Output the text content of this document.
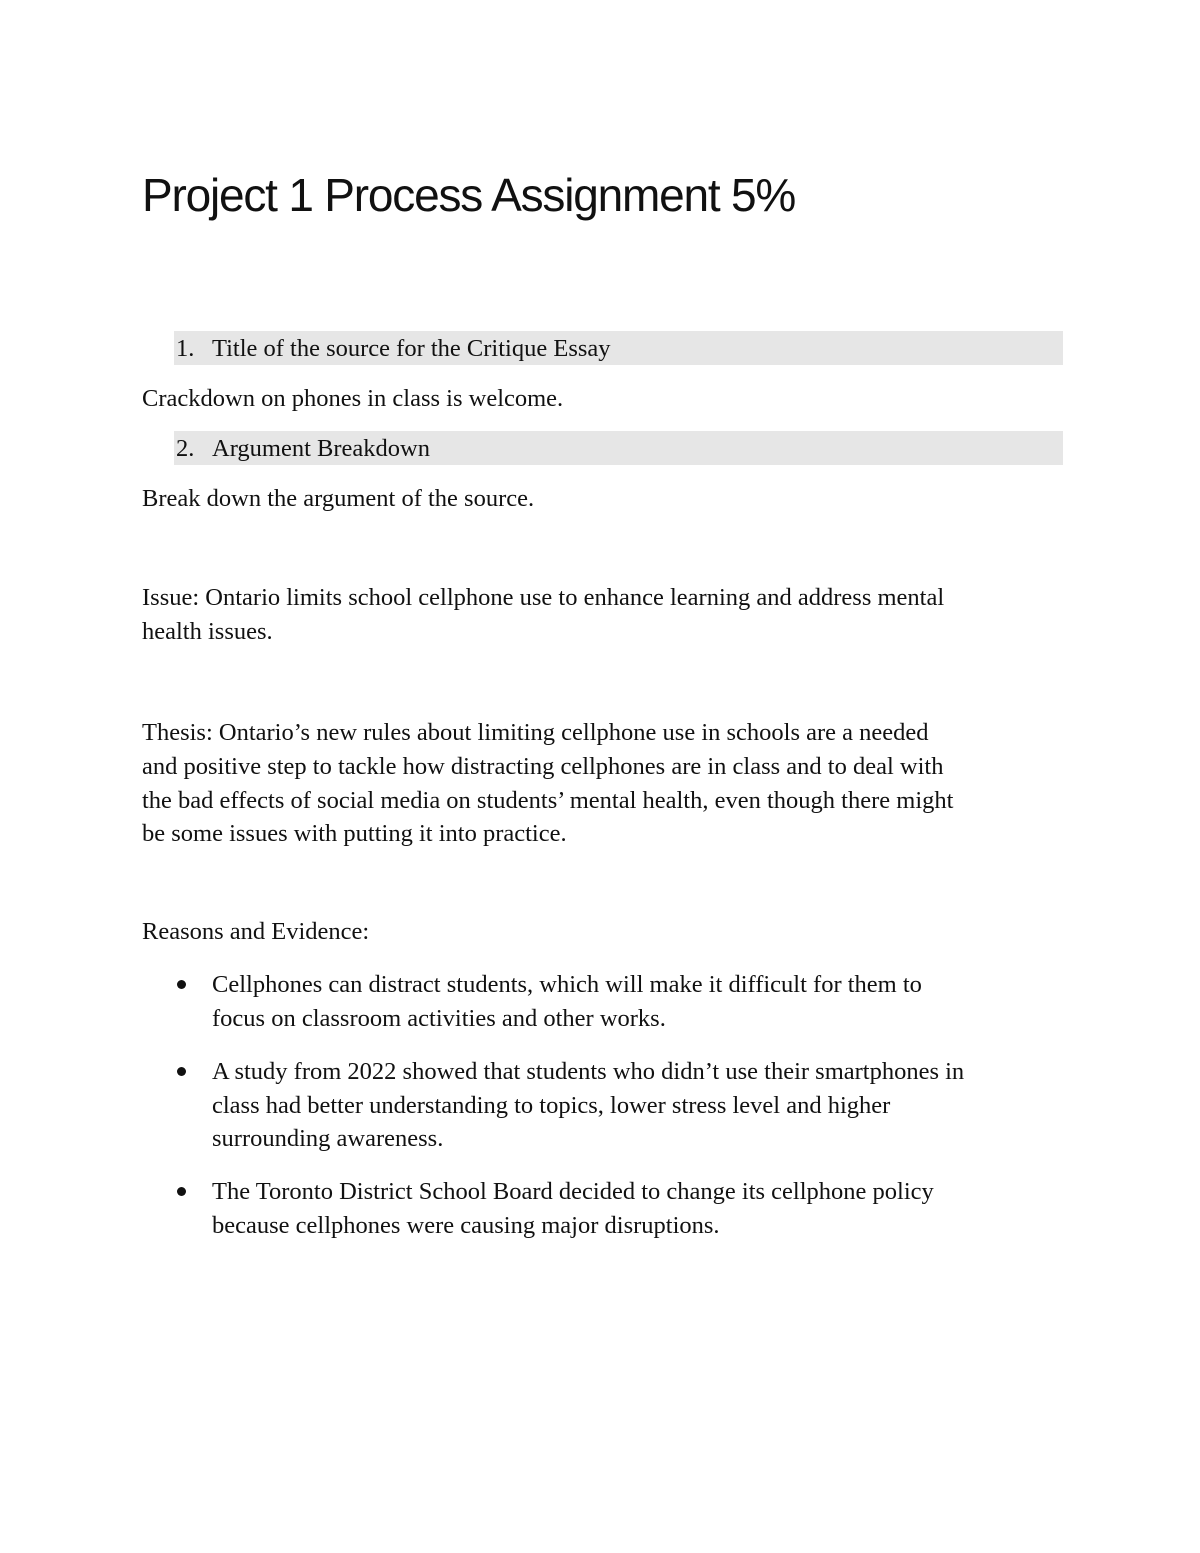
Project 1 Process Assignment 5%
1. Title of the source for the Critique Essay
Crackdown on phones in class is welcome.
2. Argument Breakdown
Break down the argument of the source.
Issue: Ontario limits school cellphone use to enhance learning and address mental
health issues.
Thesis: Ontario’s new rules about limiting cellphone use in schools are a needed
and positive step to tackle how distracting cellphones are in class and to deal with
the bad effects of social media on students’ mental health, even though there might
be some issues with putting it into practice.
Reasons and Evidence:
Cellphones can distract students, which will make it difficult for them to
focus on classroom activities and other works.
A study from 2022 showed that students who didn’t use their smartphones in
class had better understanding to topics, lower stress level and higher
surrounding awareness.
The Toronto District School Board decided to change its cellphone policy
because cellphones were causing major disruptions.
